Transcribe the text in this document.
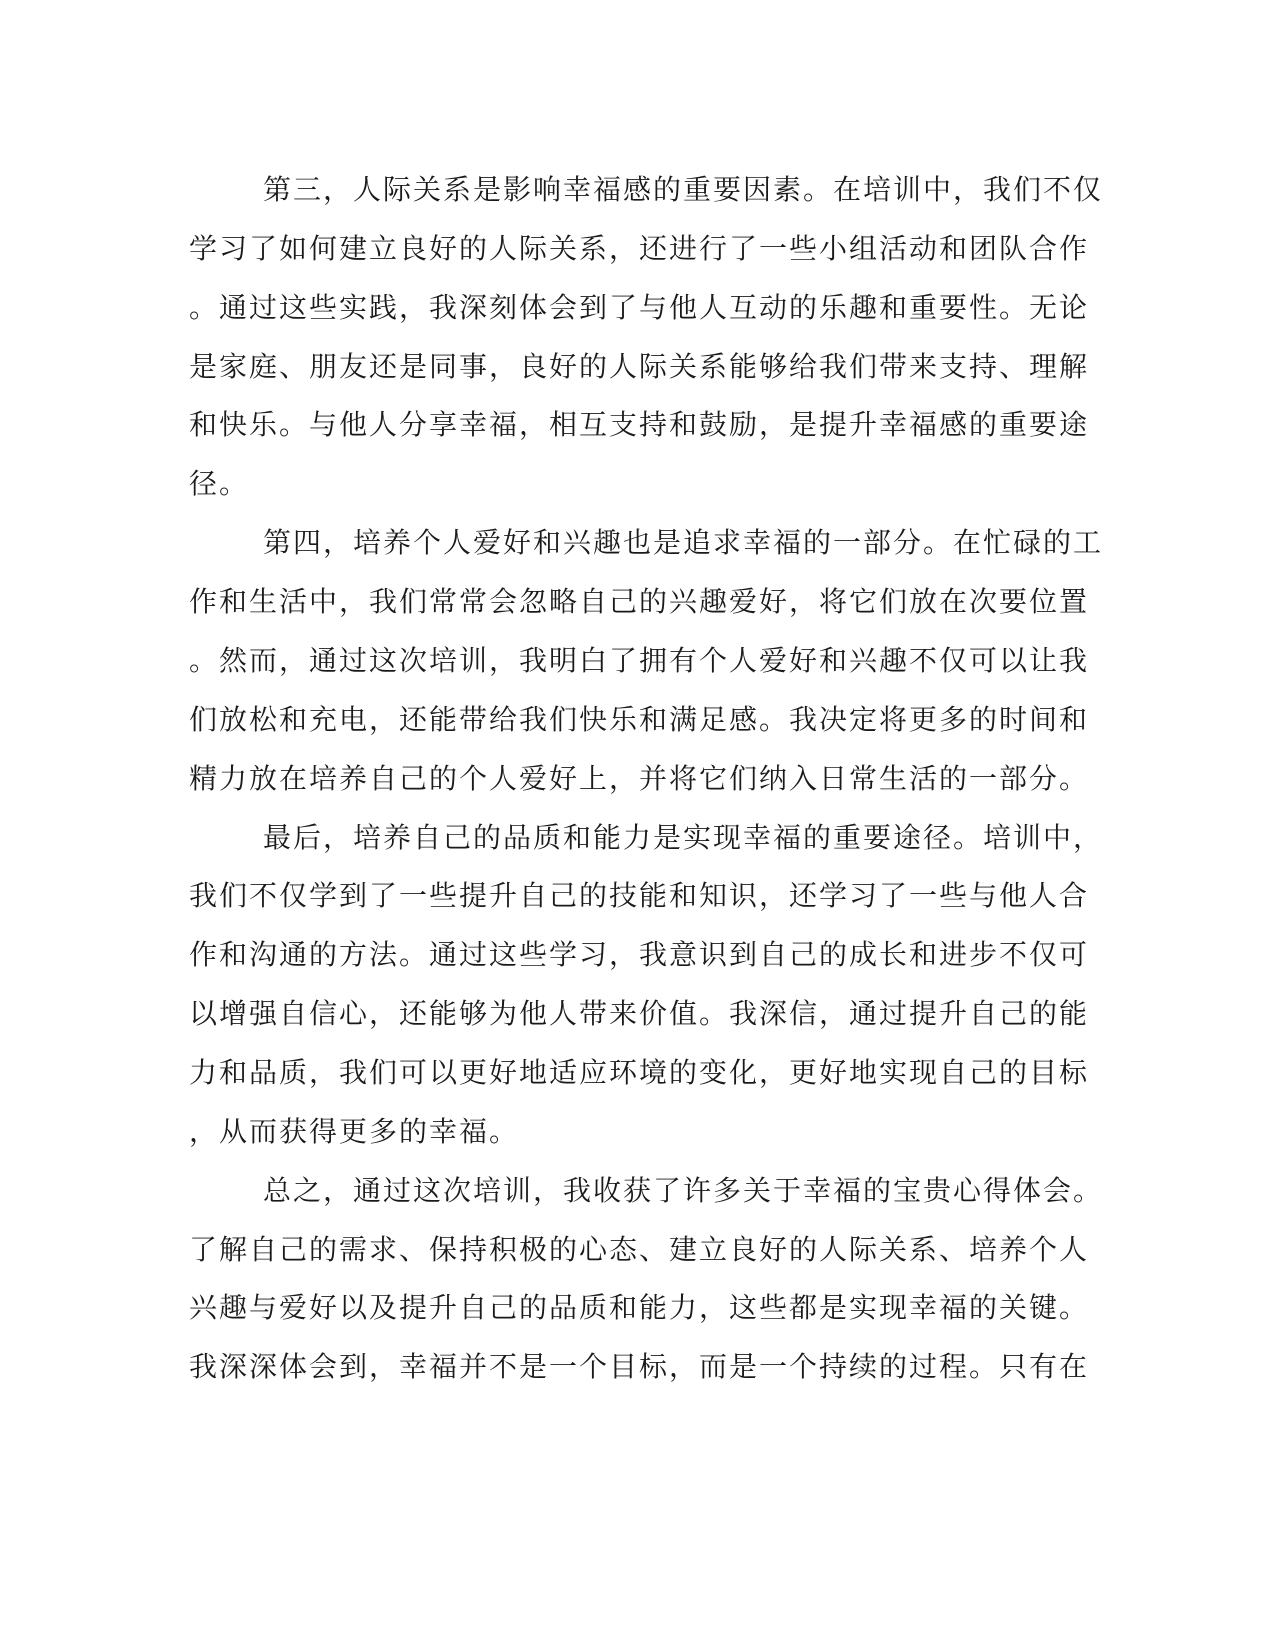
第三，人际关系是影响幸福感的重要因素。在培训中，我们不仅
学习了如何建立良好的人际关系，还进行了一些小组活动和团队合作
。通过这些实践，我深刻体会到了与他人互动的乐趣和重要性。无论
是家庭、朋友还是同事，良好的人际关系能够给我们带来支持、理解
和快乐。与他人分享幸福，相互支持和鼓励，是提升幸福感的重要途
径。
第四，培养个人爱好和兴趣也是追求幸福的一部分。在忙碌的工
作和生活中，我们常常会忽略自己的兴趣爱好，将它们放在次要位置
。然而，通过这次培训，我明白了拥有个人爱好和兴趣不仅可以让我
们放松和充电，还能带给我们快乐和满足感。我决定将更多的时间和
精力放在培养自己的个人爱好上，并将它们纳入日常生活的一部分。
最后，培养自己的品质和能力是实现幸福的重要途径。培训中，
我们不仅学到了一些提升自己的技能和知识，还学习了一些与他人合
作和沟通的方法。通过这些学习，我意识到自己的成长和进步不仅可
以增强自信心，还能够为他人带来价值。我深信，通过提升自己的能
力和品质，我们可以更好地适应环境的变化，更好地实现自己的目标
，从而获得更多的幸福。
总之，通过这次培训，我收获了许多关于幸福的宝贵心得体会。
了解自己的需求、保持积极的心态、建立良好的人际关系、培养个人
兴趣与爱好以及提升自己的品质和能力，这些都是实现幸福的关键。
我深深体会到，幸福并不是一个目标，而是一个持续的过程。只有在
